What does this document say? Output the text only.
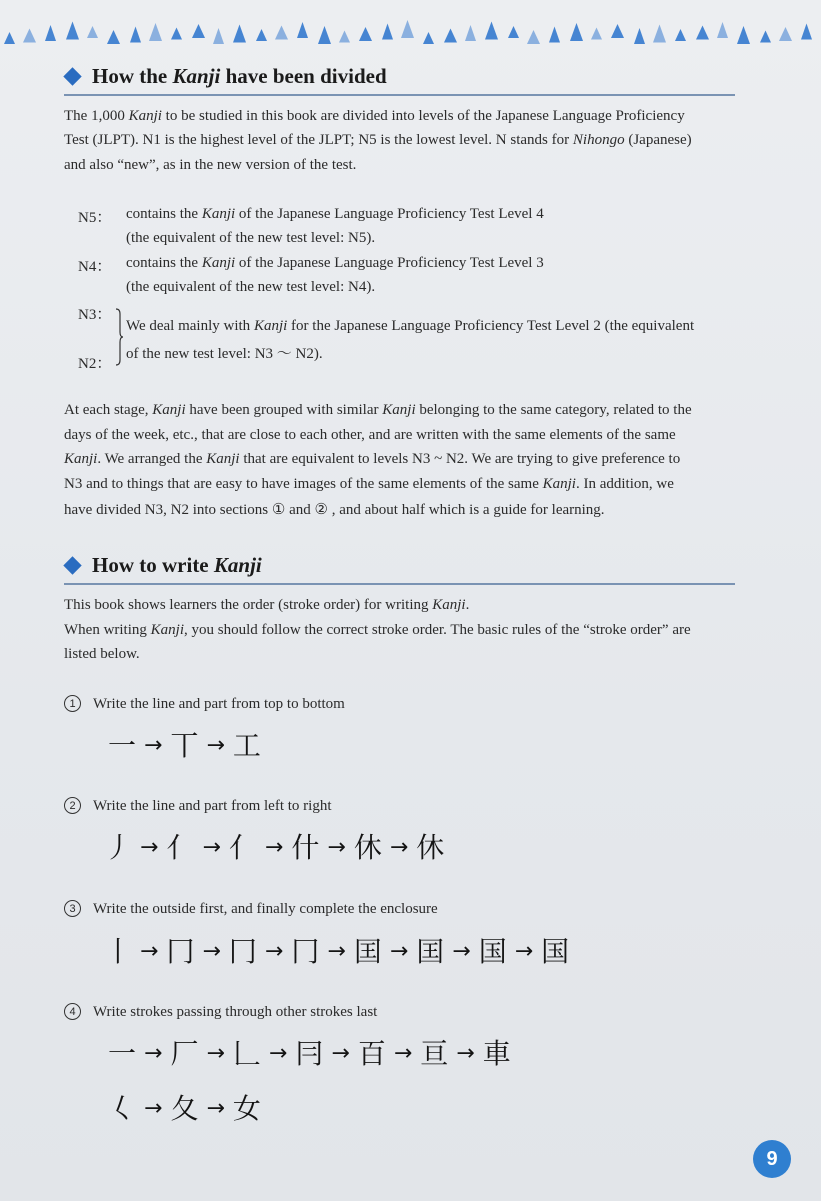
How the Kanji have been divided
The 1,000 Kanji to be studied in this book are divided into levels of the Japanese Language Proficiency
Test (JLPT). N1 is the highest level of the JLPT; N5 is the lowest level. N stands for Nihongo (Japanese)
and also “new”, as in the new version of the test.
N5： contains the Kanji of the Japanese Language Proficiency Test Level 4
(the equivalent of the new test level: N5).
N4： contains the Kanji of the Japanese Language Proficiency Test Level 3
(the equivalent of the new test level: N4).
N3：
N2：
We deal mainly with Kanji for the Japanese Language Proficiency Test Level 2 (the equivalent
of the new test level: N3 ～ N2).
At each stage, Kanji have been grouped with similar Kanji belonging to the same category, related to the
days of the week, etc., that are close to each other, and are written with the same elements of the same
Kanji. We arranged the Kanji that are equivalent to levels N3 ~ N2. We are trying to give preference to
N3 and to things that are easy to have images of the same elements of the same Kanji. In addition, we
have divided N3, N2 into sections ① and ② , and about half which is a guide for learning.
How to write Kanji
This book shows learners the order (stroke order) for writing Kanji.
When writing Kanji, you should follow the correct stroke order. The basic rules of the “stroke order” are
listed below.
1 Write the line and part from top to bottom
一 → 丅 → 工
2 Write the line and part from left to right
丿 → 亻 → 亻 → 什 → 休 → 休
3 Write the outside first, and finally complete the enclosure
丨 → 冂 → 冂 → 冂 → 囯 → 囯 → 国 → 国
4 Write strokes passing through other strokes last
一 → 厂 → 𠃊 → 冃 → 百 → 亘 → 車
𡿨 → 夂 → 女
9
